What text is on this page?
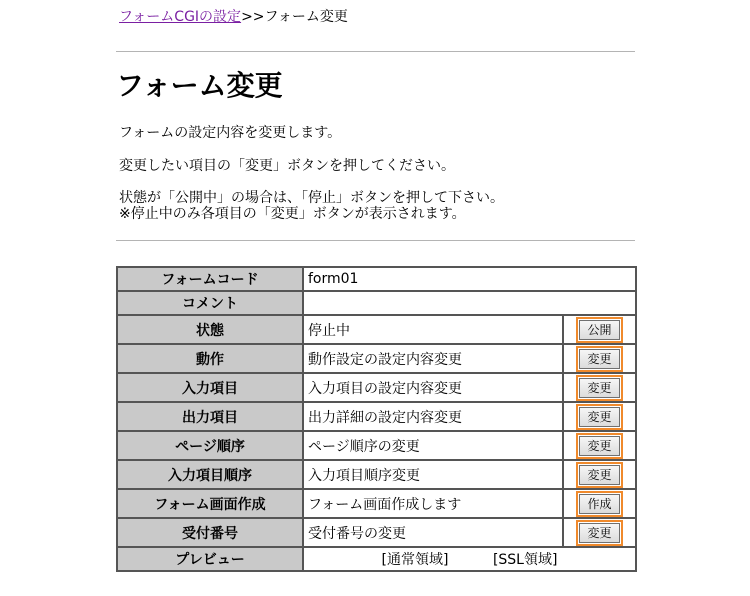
フォームCGIの設定>>フォーム変更
フォーム変更
フォームの設定内容を変更します。
変更したい項目の「変更」ボタンを押してください。
状態が「公開中」の場合は、「停止」ボタンを押して下さい。
※停止中のみ各項目の「変更」ボタンが表示されます。
フォームコード	form01	
コメント		
状態	停止中	公開
動作	動作設定の設定内容変更	変更
入力項目	入力項目の設定内容変更	変更
出力項目	出力詳細の設定内容変更	変更
ページ順序	ページ順序の変更	変更
入力項目順序	入力項目順序変更	変更
フォーム画面作成	フォーム画面作成します	作成
受付番号	受付番号の変更	変更
プレビュー	[通常領域] [SSL領域]	
